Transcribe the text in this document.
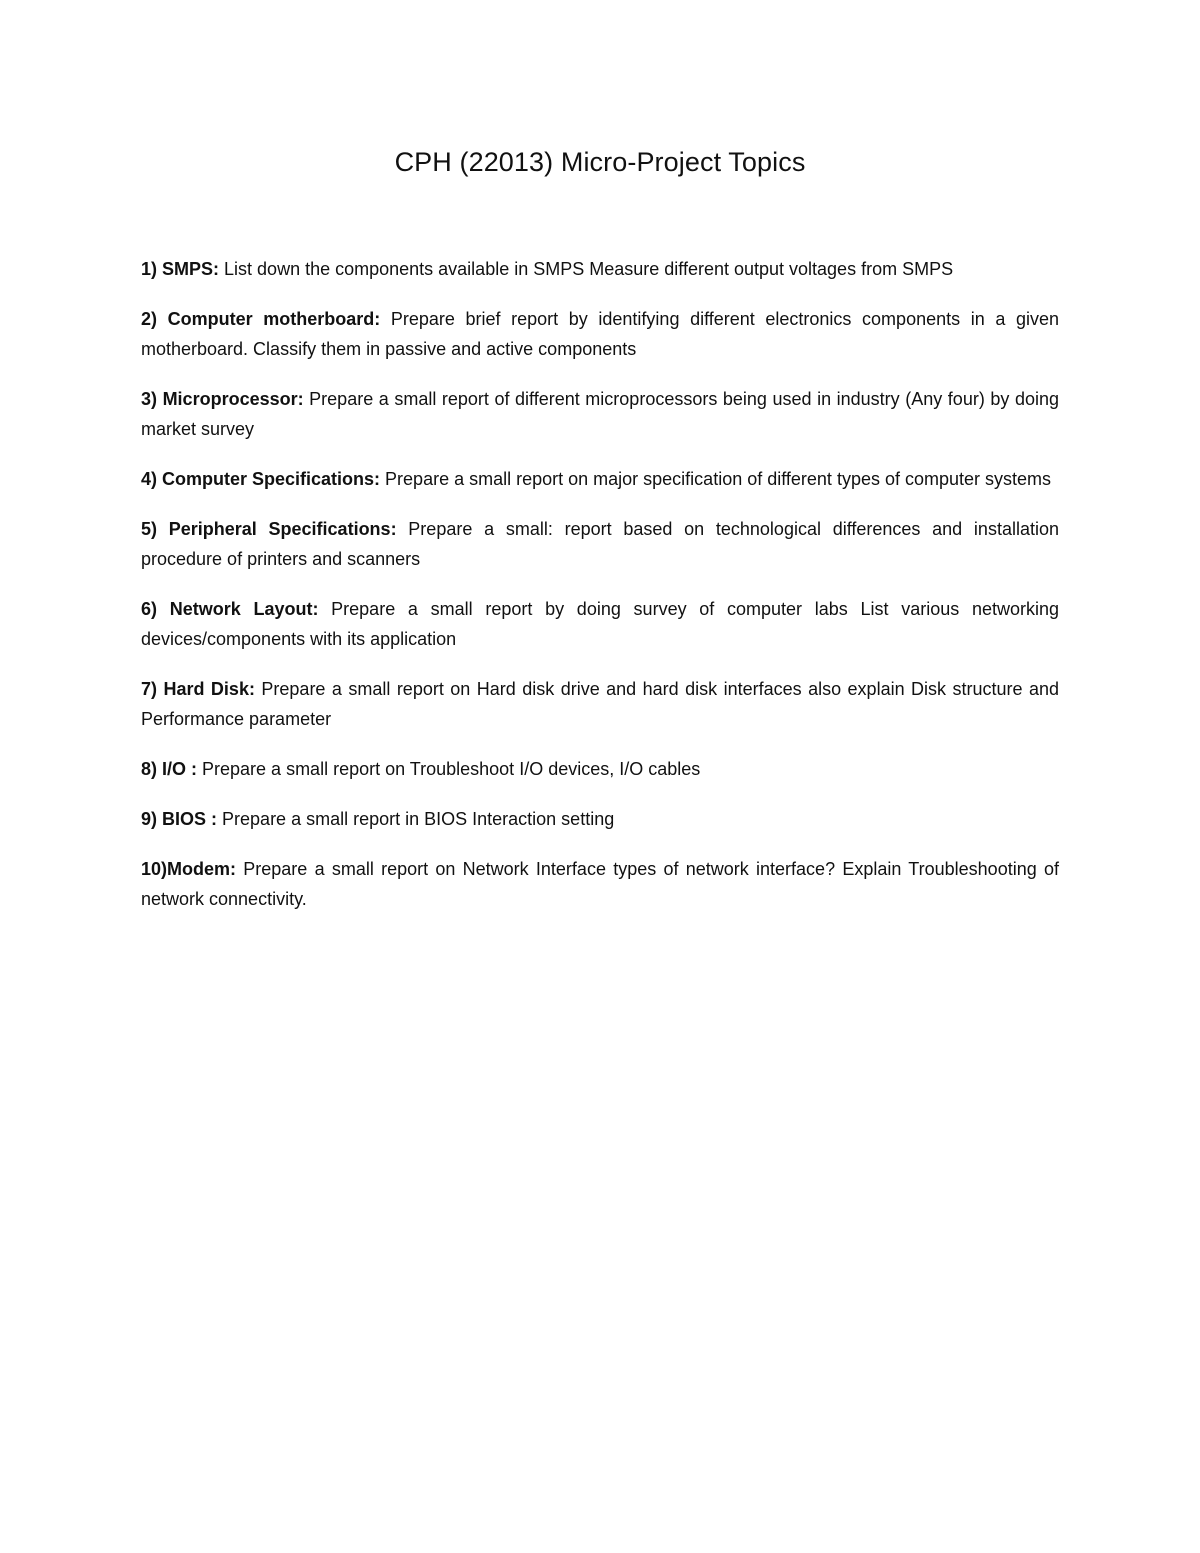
CPH (22013) Micro-Project Topics
1) SMPS: List down the components available in SMPS Measure different output voltages from SMPS
2) Computer motherboard: Prepare brief report by identifying different electronics components in a given motherboard. Classify them in passive and active components
3) Microprocessor: Prepare a small report of different microprocessors being used in industry (Any four) by doing market survey
4) Computer Specifications: Prepare a small report on major specification of different types of computer systems
5) Peripheral Specifications: Prepare a small: report based on technological differences and installation procedure of printers and scanners
6) Network Layout: Prepare a small report by doing survey of computer labs List various networking devices/components with its application
7) Hard Disk: Prepare a small report on Hard disk drive and hard disk interfaces also explain Disk structure and Performance parameter
8) I/O : Prepare a small report on Troubleshoot I/O devices, I/O cables
9) BIOS : Prepare a small report in BIOS Interaction setting
10)Modem: Prepare a small report on Network Interface types of network interface? Explain Troubleshooting of network connectivity.
